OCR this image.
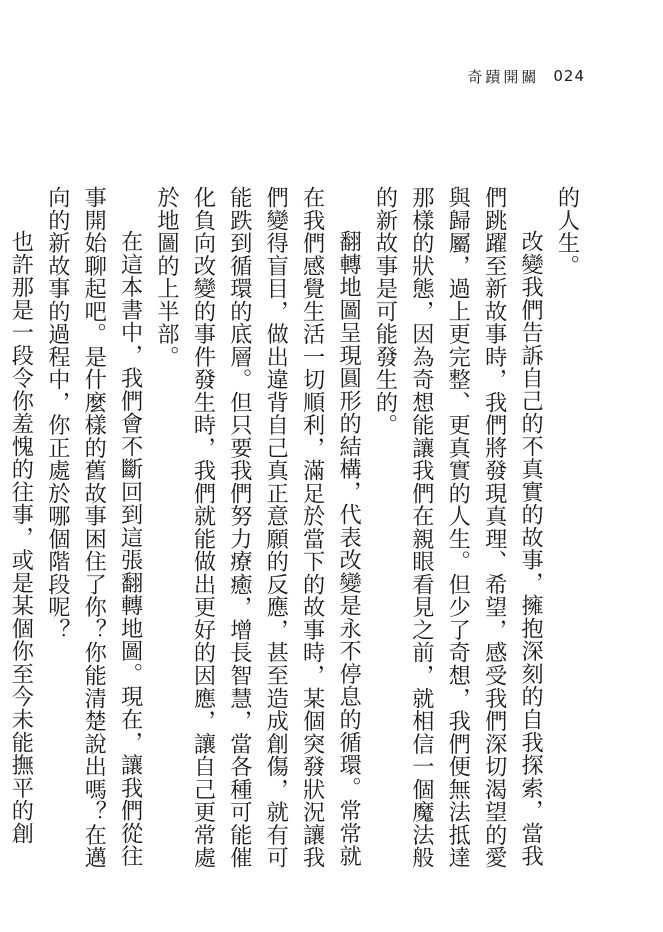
奇蹟開關 024

的人生。

改變我們告訴自己的不真實的故事，擁抱深刻的自我探索，當我們跳躍至新故事時，我們將發現真理、希望，感受我們深切渴望的愛與歸屬，過上更完整、更真實的人生。但少了奇想，我們便無法抵達那樣的狀態，因為奇想能讓我們在親眼看見之前，就相信一個魔法般的新故事是可能發生的。

翻轉地圖呈現圓形的結構，代表改變是永不停息的循環。常常就在我們感覺生活一切順利，滿足於當下的故事時，某個突發狀況讓我們變得盲目，做出違背自己真正意願的反應，甚至造成創傷，就有可能跌到循環的底層。但只要我們努力療癒，增長智慧，當各種可能催化負向改變的事件發生時，我們就能做出更好的因應，讓自己更常處於地圖的上半部。

在這本書中，我們會不斷回到這張翻轉地圖。現在，讓我們從往事開始聊起吧。是什麼樣的舊故事困住了你？你能清楚說出嗎？在邁向的新故事的過程中，你正處於哪個階段呢？

也許那是一段令你羞愧的往事，或是某個你至今未能撫平的創
